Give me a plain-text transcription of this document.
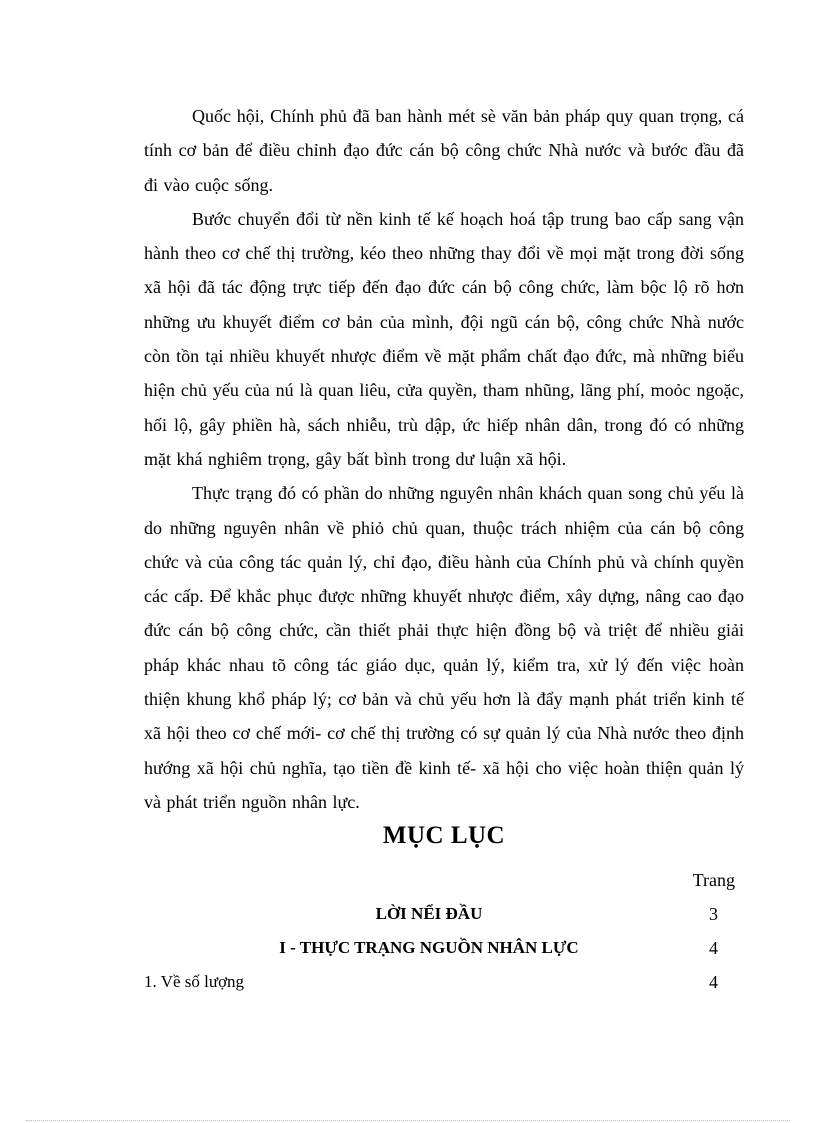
Quốc hội, Chính phủ đã ban hành mét sè văn bản pháp quy quan trọng, cá tính cơ bản để điều chỉnh đạo đức cán bộ công chức Nhà nước và bước đầu đã đi vào cuộc sống.

Bước chuyển đổi từ nền kinh tế kế hoạch hoá tập trung bao cấp sang vận hành theo cơ chế thị trường, kéo theo những thay đổi về mọi mặt trong đời sống xã hội đã tác động trực tiếp đến đạo đức cán bộ công chức, làm bộc lộ rõ hơn những ưu khuyết điểm cơ bản của mình, đội ngũ cán bộ, công chức Nhà nước còn tồn tại nhiều khuyết nhược điểm về mặt phẩm chất đạo đức, mà những biểu hiện chủ yếu của nú là quan liêu, cửa quyền, tham nhũng, lãng phí, moỏc ngoặc, hối lộ, gây phiền hà, sách nhiễu, trù dập, ức hiếp nhân dân, trong đó có những mặt khá nghiêm trọng, gây bất bình trong dư luận xã hội.

Thực trạng đó có phần do những nguyên nhân khách quan song chủ yếu là do những nguyên nhân về phiỏ chủ quan, thuộc trách nhiệm của cán bộ công chức và của công tác quản lý, chỉ đạo, điều hành của Chính phủ và chính quyền các cấp. Để khắc phục được những khuyết nhược điểm, xây dựng, nâng cao đạo đức cán bộ công chức, cần thiết phải thực hiện đồng bộ và triệt để nhiều giải pháp khác nhau tõ công tác giáo dục, quản lý, kiểm tra, xử lý đến việc hoàn thiện khung khổ pháp lý; cơ bản và chủ yếu hơn là đẩy mạnh phát triển kinh tế xã hội theo cơ chế mới- cơ chế thị trường có sự quản lý của Nhà nước theo định hướng xã hội chủ nghĩa, tạo tiền đề kinh tế- xã hội cho việc hoàn thiện quản lý và phát triển nguồn nhân lực.

MỤC LỤC
Trang
LỜI NỂI ĐẦU	3
I - THỰC TRẠNG NGUỒN NHÂN LỰC	4
1. Về số lượng	4
